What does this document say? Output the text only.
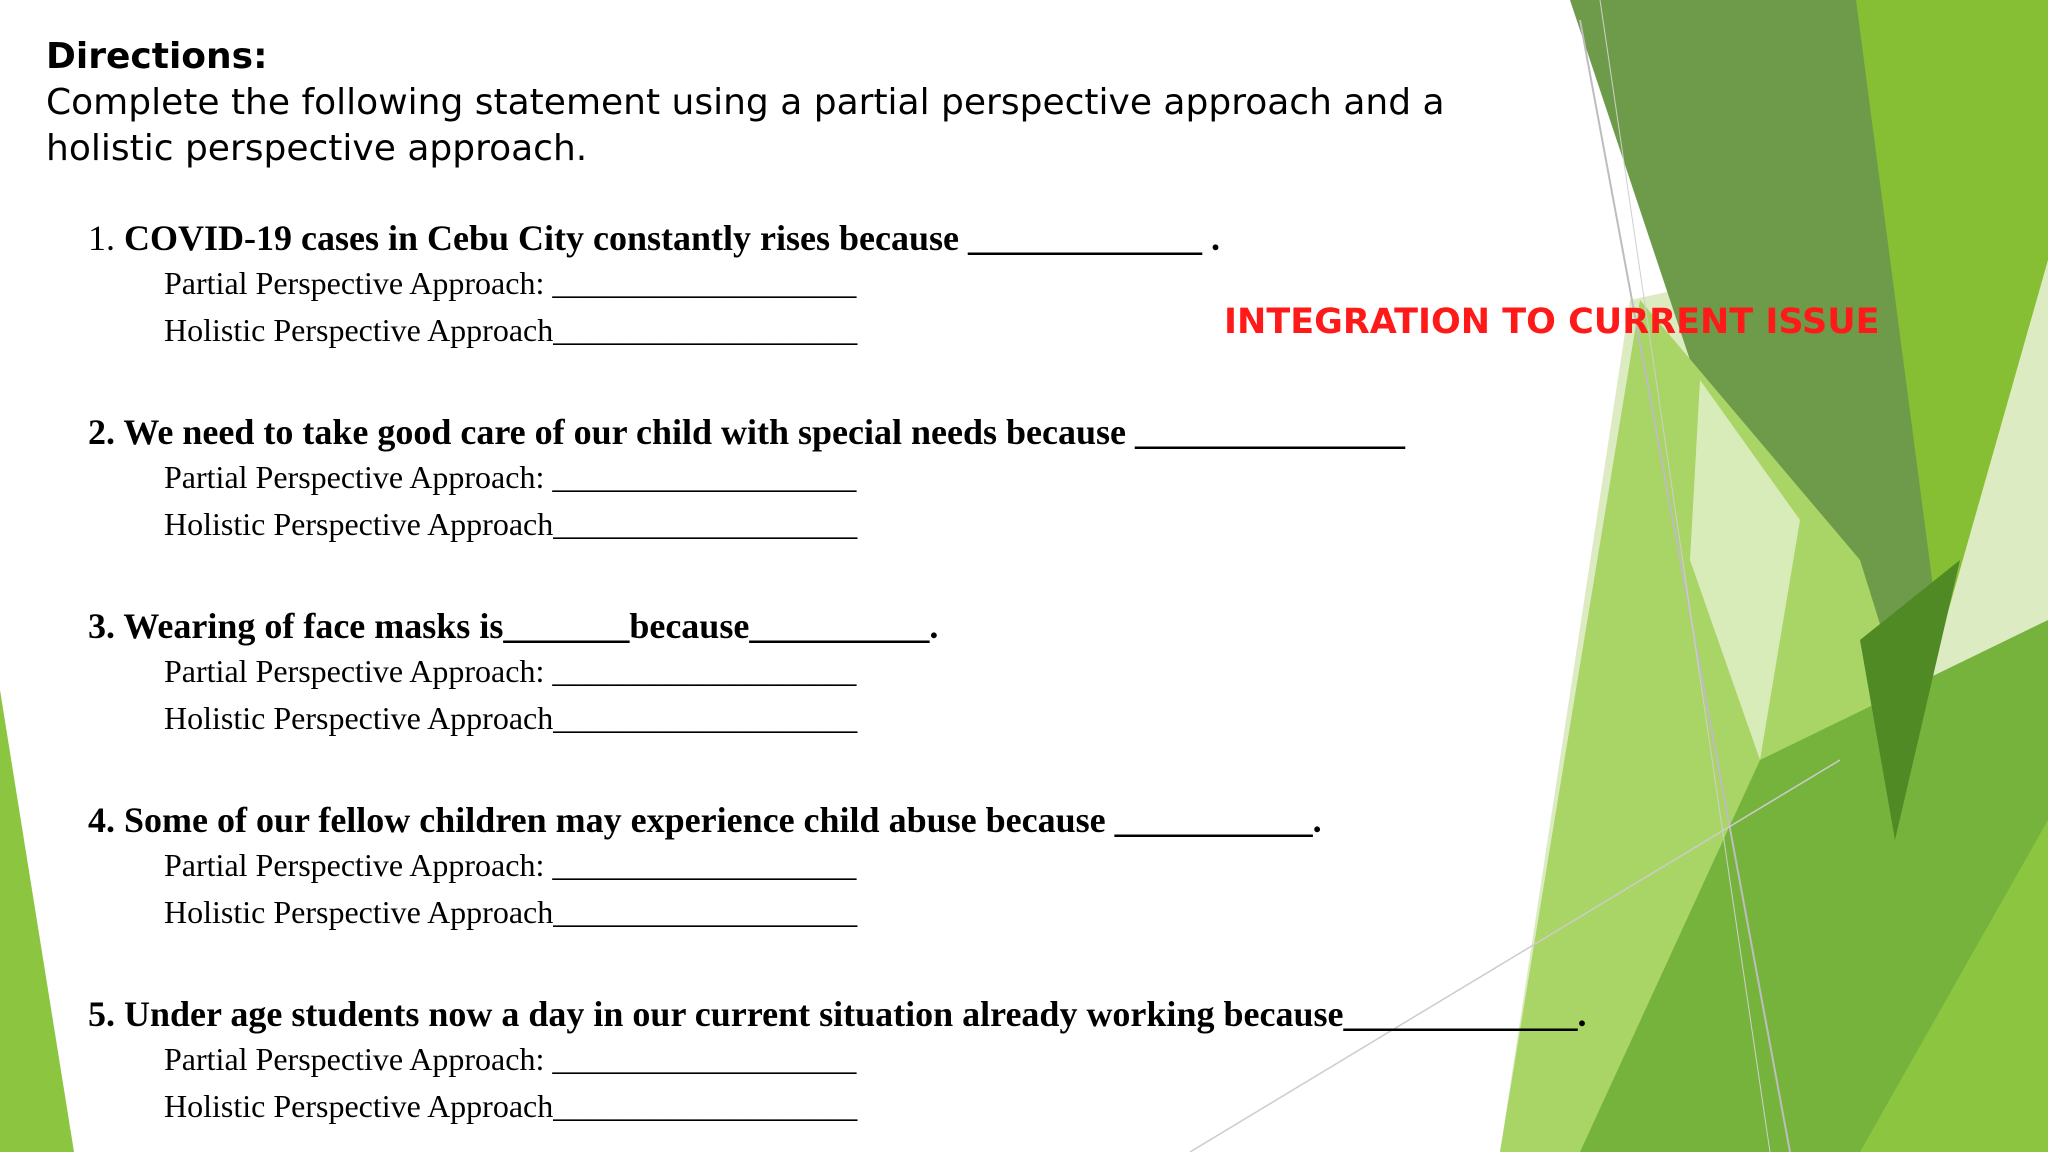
Directions:
Complete the following statement using a partial perspective approach and a holistic perspective approach.
INTEGRATION TO CURRENT ISSUE
1. COVID-19 cases in Cebu City constantly rises because _____________ .
Partial Perspective Approach: ___________________
Holistic Perspective Approach___________________
2. We need to take good care of our child with special needs because _______________
Partial Perspective Approach: ___________________
Holistic Perspective Approach___________________
3. Wearing of face masks is_______because__________.
Partial Perspective Approach: ___________________
Holistic Perspective Approach___________________
4. Some of our fellow children may experience child abuse because ___________.
Partial Perspective Approach: ___________________
Holistic Perspective Approach___________________
5. Under age students now a day in our current situation already working because_____________.
Partial Perspective Approach: ___________________
Holistic Perspective Approach___________________
